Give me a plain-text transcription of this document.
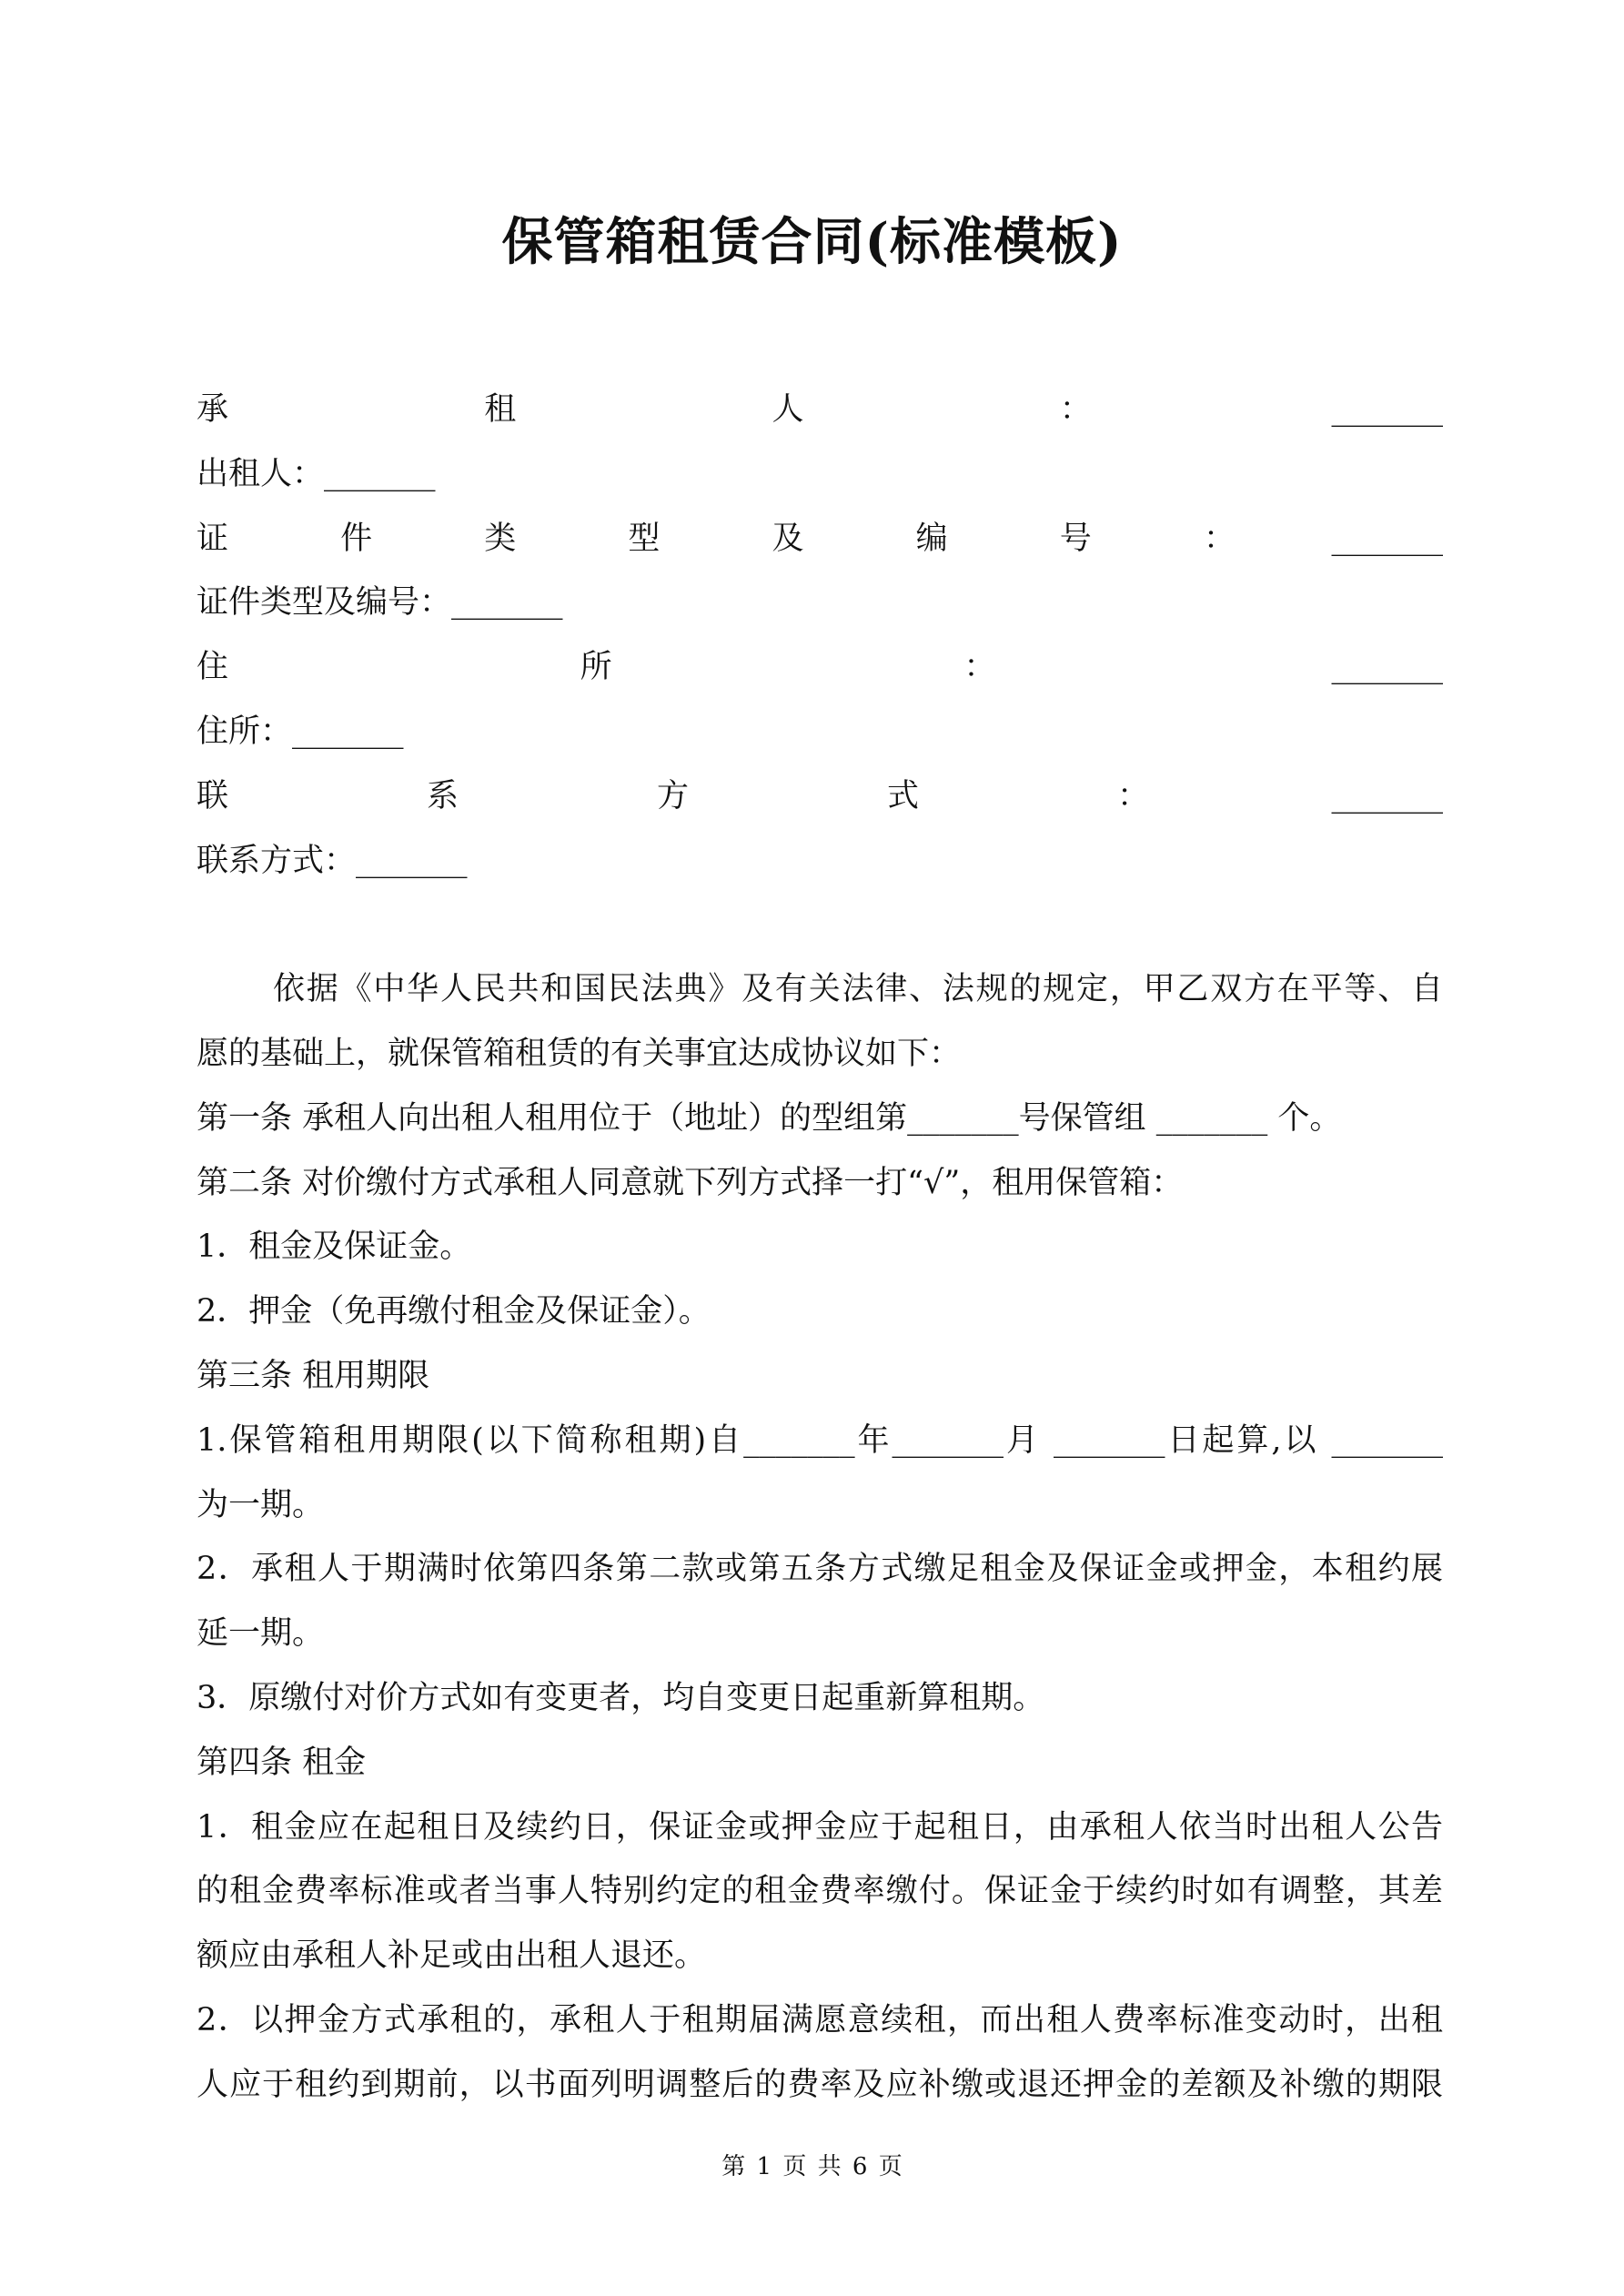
保管箱租赁合同(标准模板)
承　租　人　：　_______
出租人：_______
证　件　类　型　及　编　号　：　_______
证件类型及编号：_______
住　所　：　_______
住所：_______
联　系　方　式　：　_______
联系方式：_______
依据《中华人民共和国民法典》及有关法律、法规的规定，甲乙双方在平等、自
愿的基础上，就保管箱租赁的有关事宜达成协议如下：
第一条 承租人向出租人租用位于（地址）的型组第_______号保管组 _______ 个。
第二条 对价缴付方式承租人同意就下列方式择一打“√”，租用保管箱：
1．租金及保证金。
2．押金（免再缴付租金及保证金）。
第三条 租用期限
1.保管箱租用期限(以下简称租期)自_______年_______月 _______日起算,以 _______
为一期。
2．承租人于期满时依第四条第二款或第五条方式缴足租金及保证金或押金，本租约展
延一期。
3．原缴付对价方式如有变更者，均自变更日起重新算租期。
第四条 租金
1．租金应在起租日及续约日，保证金或押金应于起租日，由承租人依当时出租人公告
的租金费率标准或者当事人特别约定的租金费率缴付。保证金于续约时如有调整，其差
额应由承租人补足或由出租人退还。
2．以押金方式承租的，承租人于租期届满愿意续租，而出租人费率标准变动时，出租
人应于租约到期前，以书面列明调整后的费率及应补缴或退还押金的差额及补缴的期限
第 1 页 共 6 页
